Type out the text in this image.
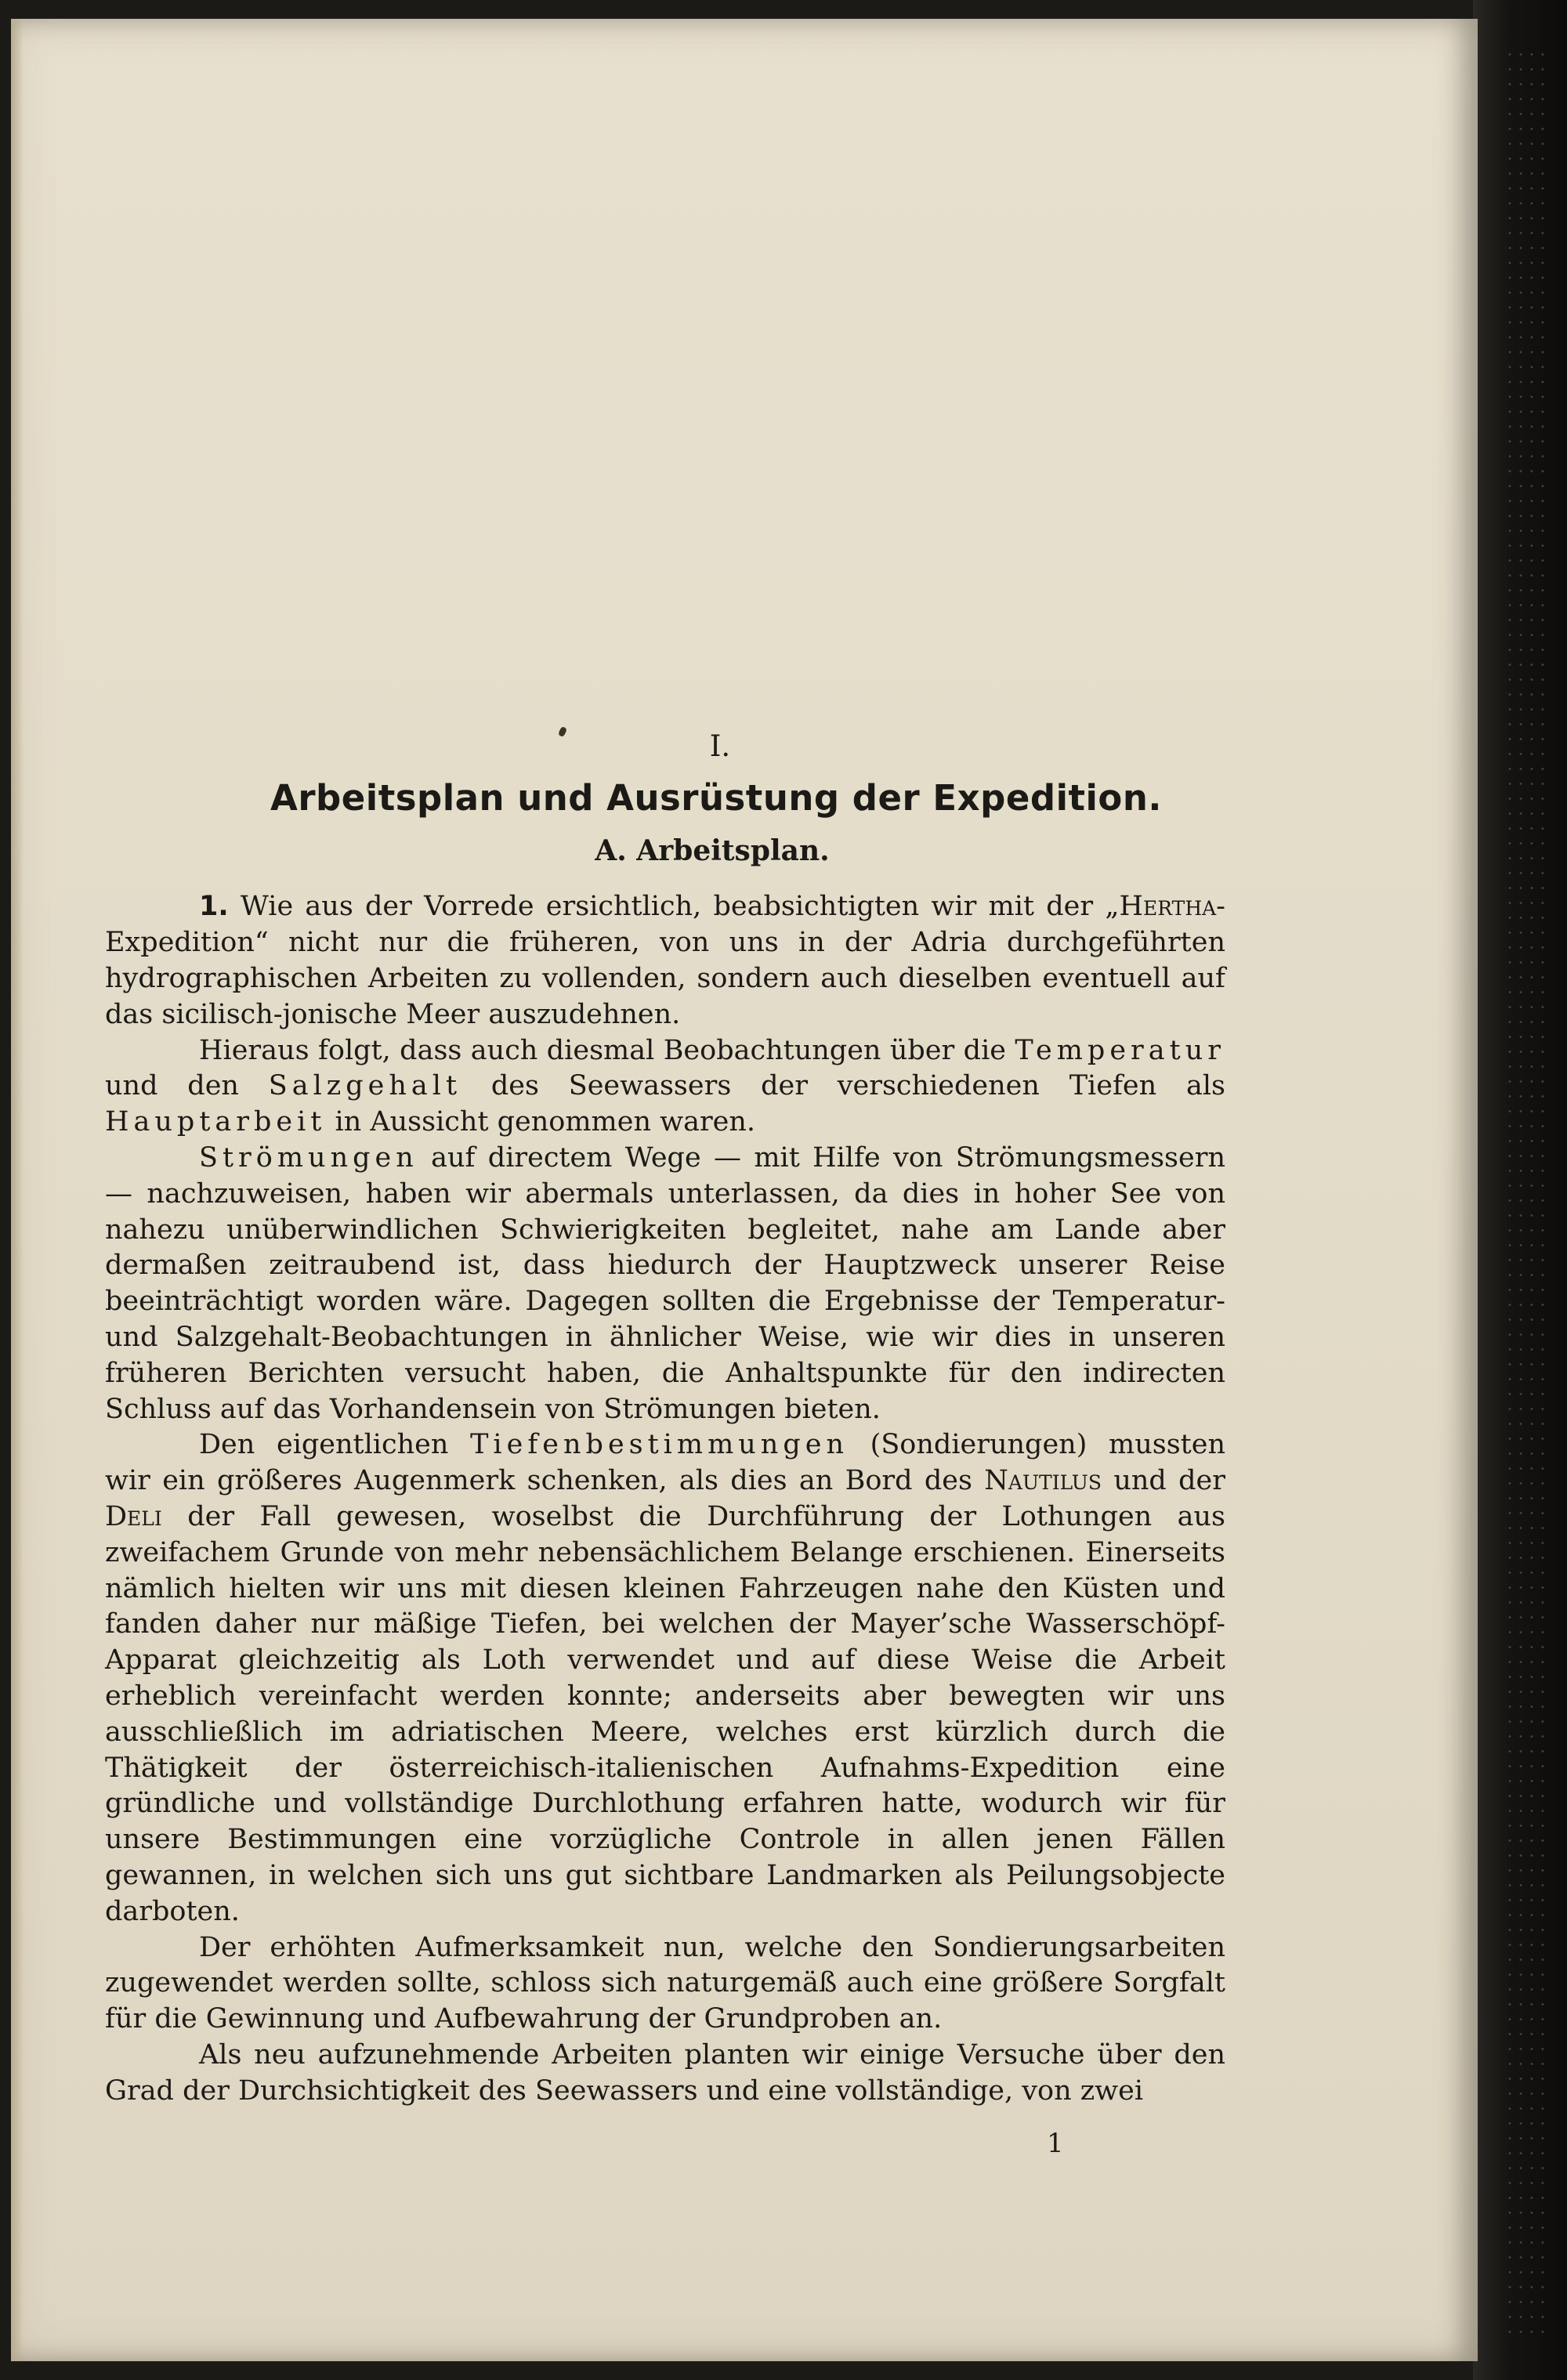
I.
Arbeitsplan und Ausrüstung der Expedition.
A. Arbeitsplan.

1. Wie aus der Vorrede ersichtlich, beabsichtigten wir mit der „Hertha-Expedition“ nicht nur die früheren, von uns in der Adria durchgeführten hydrographischen Arbeiten zu vollenden, sondern auch dieselben eventuell auf das sicilisch-jonische Meer auszudehnen.

Hieraus folgt, dass auch diesmal Beobachtungen über die Temperatur und den Salzgehalt des Seewassers der verschiedenen Tiefen als Hauptarbeit in Aussicht genommen waren.

Strömungen auf directem Wege — mit Hilfe von Strömungsmessern — nachzuweisen, haben wir abermals unterlassen, da dies in hoher See von nahezu unüberwindlichen Schwierigkeiten begleitet, nahe am Lande aber dermaßen zeitraubend ist, dass hiedurch der Hauptzweck unserer Reise beeinträchtigt worden wäre. Dagegen sollten die Ergebnisse der Temperatur- und Salzgehalt-Beobachtungen in ähnlicher Weise, wie wir dies in unseren früheren Berichten versucht haben, die Anhaltspunkte für den indirecten Schluss auf das Vorhandensein von Strömungen bieten.

Den eigentlichen Tiefenbestimmungen (Sondierungen) mussten wir ein größeres Augenmerk schenken, als dies an Bord des Nautilus und der Deli der Fall gewesen, woselbst die Durchführung der Lothungen aus zweifachem Grunde von mehr nebensächlichem Belange erschienen. Einerseits nämlich hielten wir uns mit diesen kleinen Fahrzeugen nahe den Küsten und fanden daher nur mäßige Tiefen, bei welchen der Mayer’sche Wasserschöpf-Apparat gleichzeitig als Loth verwendet und auf diese Weise die Arbeit erheblich vereinfacht werden konnte; anderseits aber bewegten wir uns ausschließlich im adriatischen Meere, welches erst kürzlich durch die Thätigkeit der österreichisch-italienischen Aufnahms-Expedition eine gründliche und vollständige Durchlothung erfahren hatte, wodurch wir für unsere Bestimmungen eine vorzügliche Controle in allen jenen Fällen gewannen, in welchen sich uns gut sichtbare Landmarken als Peilungsobjecte darboten.

Der erhöhten Aufmerksamkeit nun, welche den Sondierungsarbeiten zugewendet werden sollte, schloss sich naturgemäß auch eine größere Sorgfalt für die Gewinnung und Aufbewahrung der Grundproben an.

Als neu aufzunehmende Arbeiten planten wir einige Versuche über den Grad der Durchsichtigkeit des Seewassers und eine vollständige, von zwei

1
